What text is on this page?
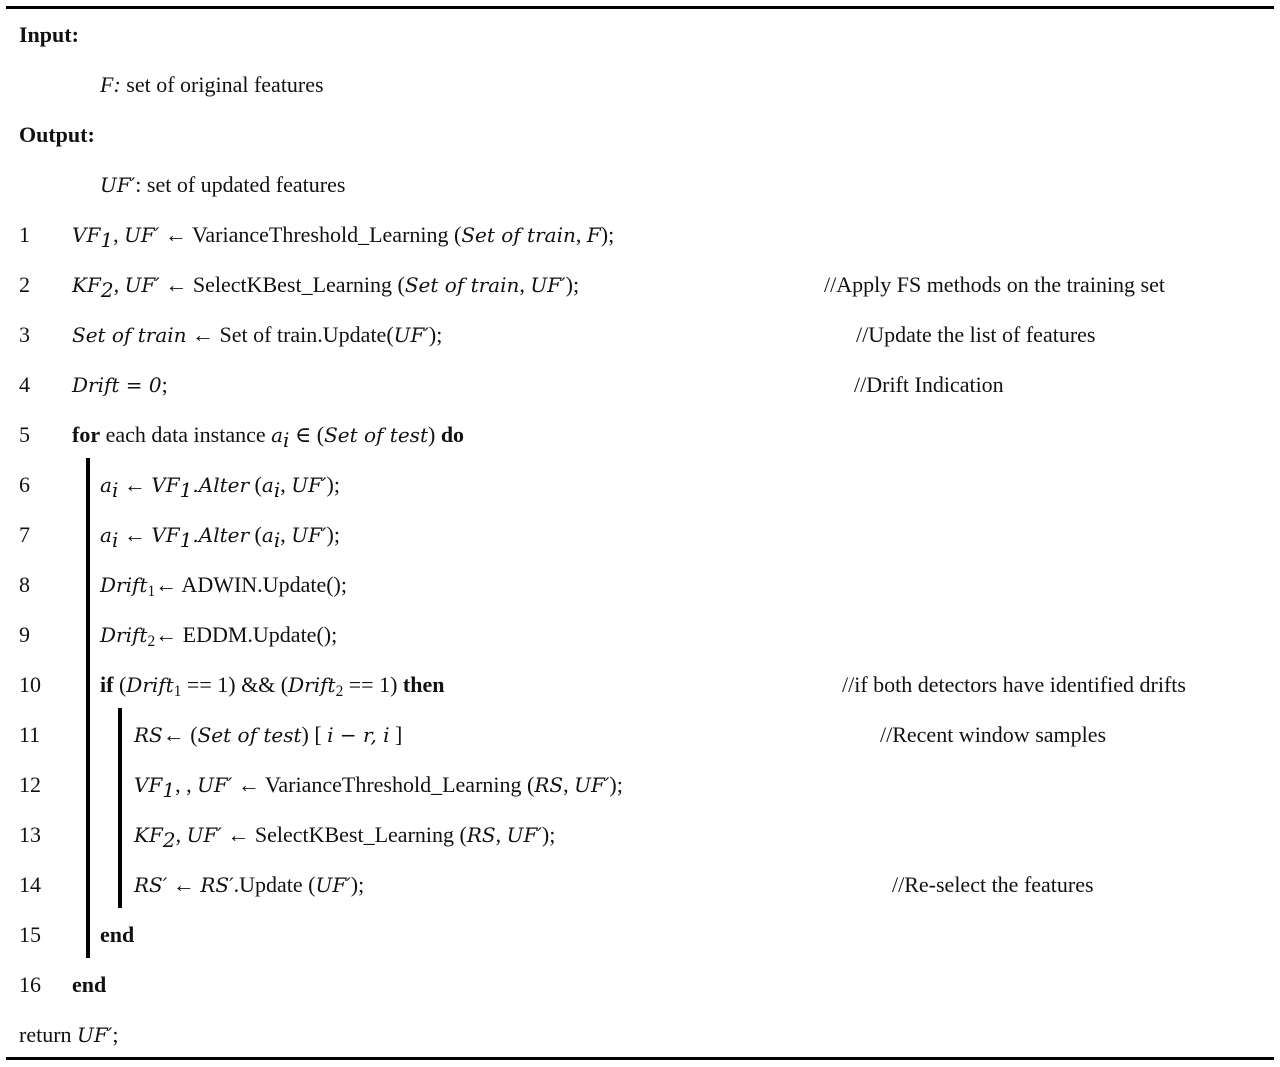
Input:
F: set of original features
Output:
UF′: set of updated features
1 $VF_1$, UF′ ← VarianceThreshold_Learning (Set of train, F);
2 $KF_2$, UF′ ← SelectKBest_Learning (Set of train, UF′);	//Apply FS methods on the training set
3 Set of train ← Set of train.Update(UF′);	//Update the list of features
4 Drift = 0;	//Drift Indication
5 for each data instance $a_i$ ∈ (Set of test) do
6	$a_i$ ← $VF_1.Alter$ ($a_i$, UF′);
7	$a_i$ ← $VF_1.Alter$ ($a_i$, UF′);
8	Drift$_1$← ADWIN.Update();
9	Drift$_2$← EDDM.Update();
10	if (Drift$_1$ == 1) && (Drift$_2$ == 1) then	//if both detectors have identified drifts
11	RS← (Set of test) [ i − r, i ]	//Recent window samples
12	$VF_1$, , UF′ ← VarianceThreshold_Learning (RS, UF′);
13	$KF_2$, UF′ ← SelectKBest_Learning (RS, UF′);
14	RS′ ← RS′.Update (UF′);	//Re-select the features
15	end
16 end
return UF′;
